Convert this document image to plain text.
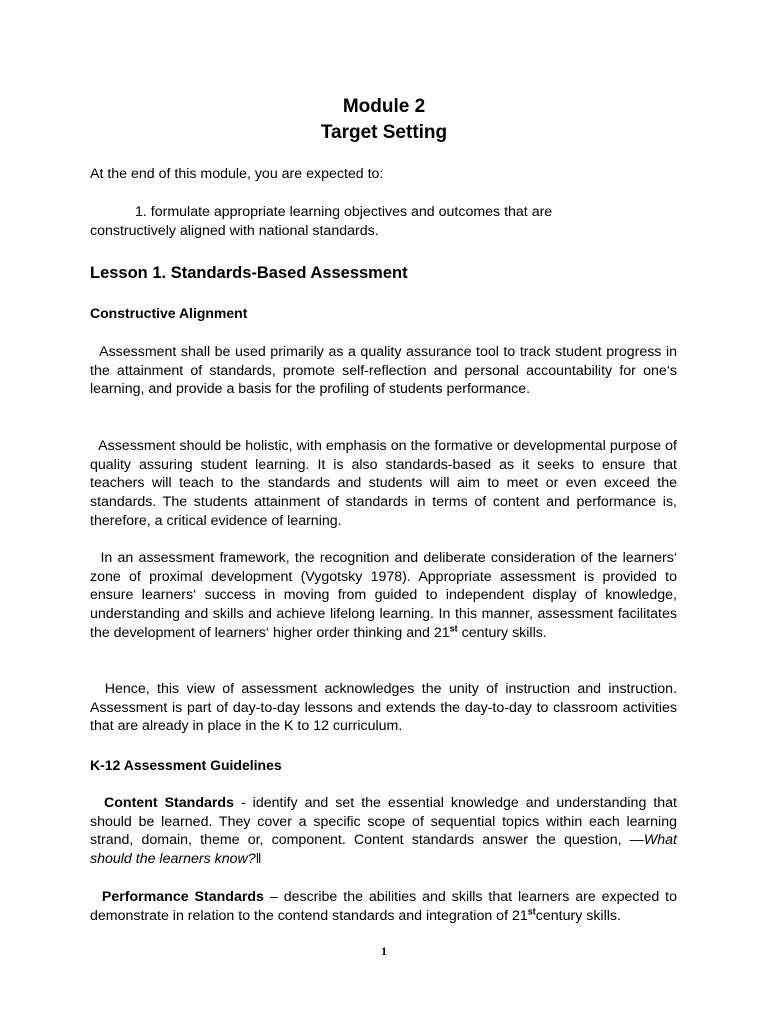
Module 2
Target Setting
At the end of this module, you are expected to:
1. formulate appropriate learning objectives and outcomes that are
constructively aligned with national standards.
Lesson 1. Standards-Based Assessment
Constructive Alignment
Assessment shall be used primarily as a quality assurance tool to track student progress in the attainment of standards, promote self-reflection and personal accountability for one‘s learning, and provide a basis for the profiling of students performance.
Assessment should be holistic, with emphasis on the formative or developmental purpose of quality assuring student learning. It is also standards-based as it seeks to ensure that teachers will teach to the standards and students will aim to meet or even exceed the standards. The students attainment of standards in terms of content and performance is, therefore, a critical evidence of learning.
In an assessment framework, the recognition and deliberate consideration of the learners‘ zone of proximal development (Vygotsky 1978). Appropriate assessment is provided to ensure learners‘ success in moving from guided to independent display of knowledge, understanding and skills and achieve lifelong learning. In this manner, assessment facilitates the development of learners‘ higher order thinking and 21st century skills.
Hence, this view of assessment acknowledges the unity of instruction and instruction. Assessment is part of day-to-day lessons and extends the day-to-day to classroom activities that are already in place in the K to 12 curriculum.
K-12 Assessment Guidelines
Content Standards - identify and set the essential knowledge and understanding that should be learned. They cover a specific scope of sequential topics within each learning strand, domain, theme or, component. Content standards answer the question, —What should the learners know?‖
Performance Standards – describe the abilities and skills that learners are expected to demonstrate in relation to the contend standards and integration of 21stcentury skills.
1
